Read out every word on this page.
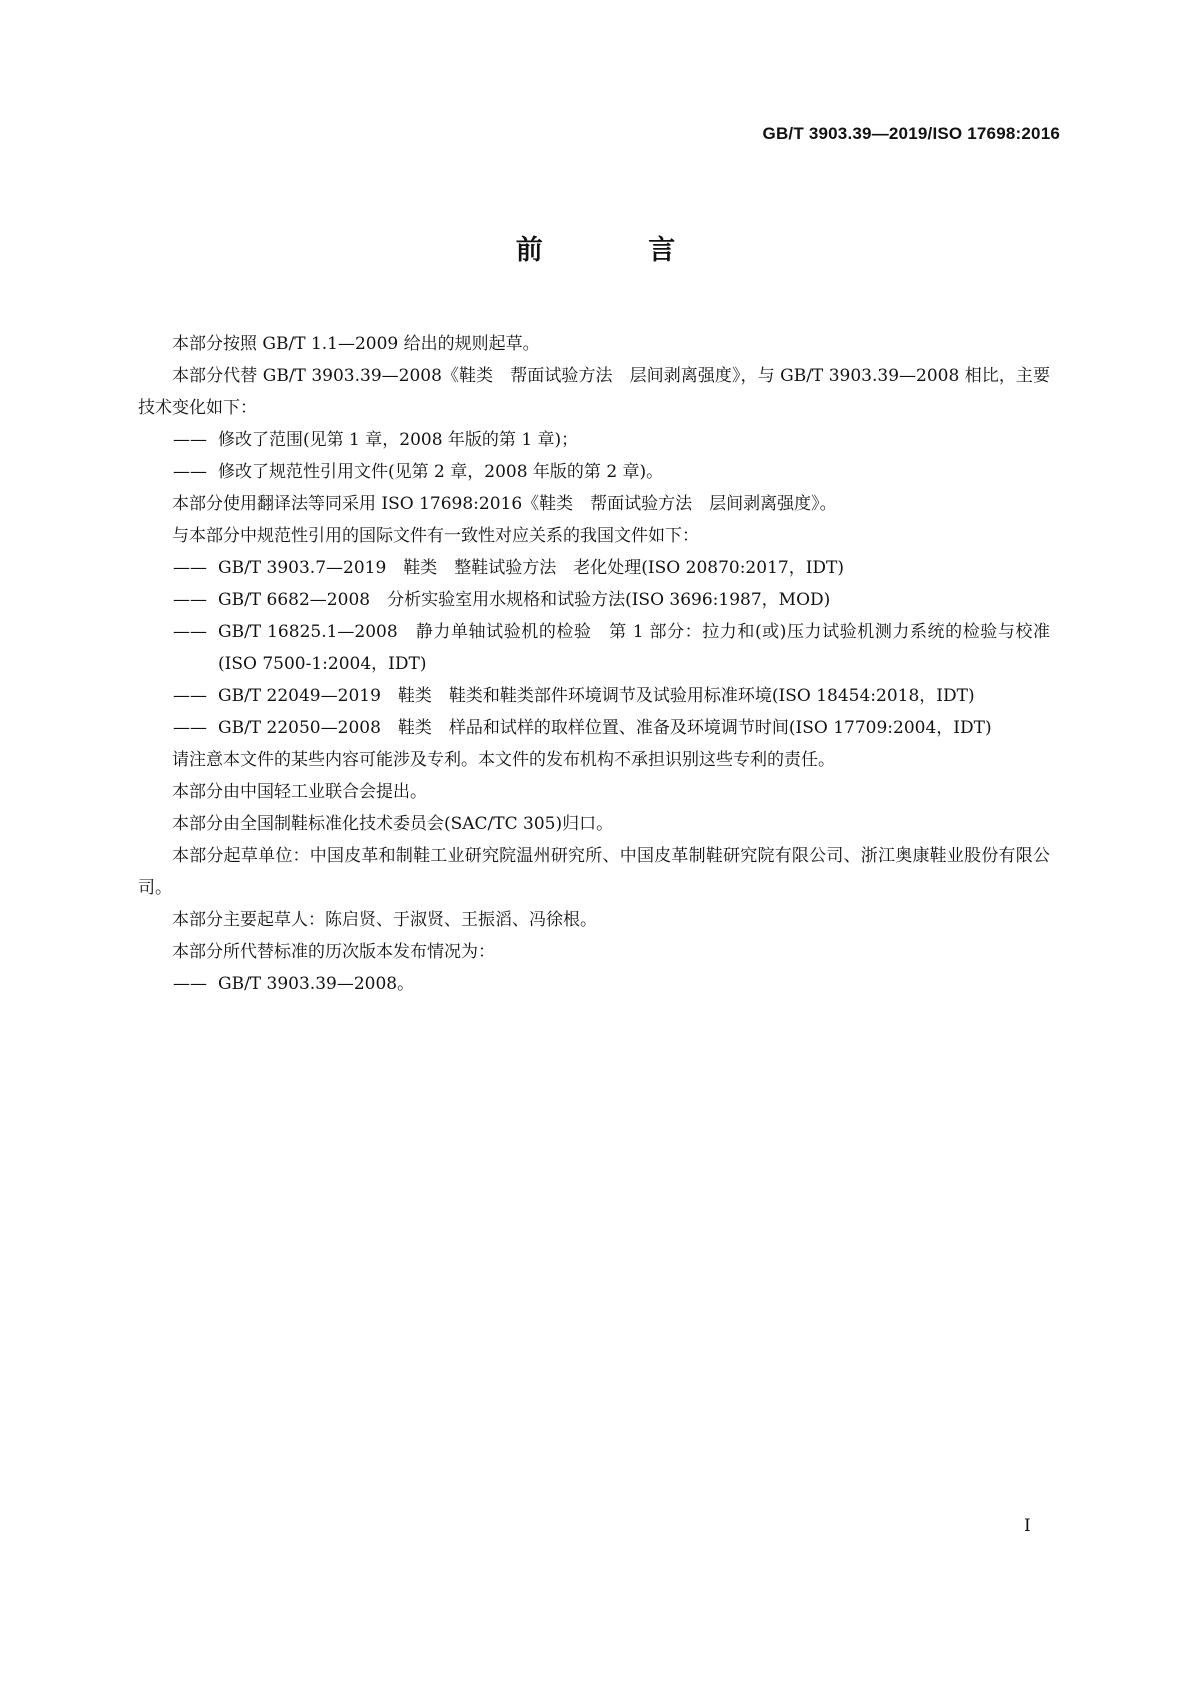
GB/T 3903.39—2019/ISO 17698:2016
前 言

本部分按照 GB/T 1.1—2009 给出的规则起草。

本部分代替 GB/T 3903.39—2008《鞋类　帮面试验方法　层间剥离强度》，与 GB/T 3903.39—2008 相比，主要技术变化如下：

—— 修改了范围(见第 1 章，2008 年版的第 1 章)；

—— 修改了规范性引用文件(见第 2 章，2008 年版的第 2 章)。

本部分使用翻译法等同采用 ISO 17698:2016《鞋类　帮面试验方法　层间剥离强度》。

与本部分中规范性引用的国际文件有一致性对应关系的我国文件如下：

—— GB/T 3903.7—2019　鞋类　整鞋试验方法　老化处理(ISO 20870:2017，IDT)

—— GB/T 6682—2008　分析实验室用水规格和试验方法(ISO 3696:1987，MOD)

—— GB/T 16825.1—2008　静力单轴试验机的检验　第 1 部分：拉力和(或)压力试验机测力系统的检验与校准(ISO 7500-1:2004，IDT)

—— GB/T 22049—2019　鞋类　鞋类和鞋类部件环境调节及试验用标准环境(ISO 18454:2018，IDT)

—— GB/T 22050—2008　鞋类　样品和试样的取样位置、准备及环境调节时间(ISO 17709:2004，IDT)

请注意本文件的某些内容可能涉及专利。本文件的发布机构不承担识别这些专利的责任。

本部分由中国轻工业联合会提出。

本部分由全国制鞋标准化技术委员会(SAC/TC 305)归口。

本部分起草单位：中国皮革和制鞋工业研究院温州研究所、中国皮革制鞋研究院有限公司、浙江奥康鞋业股份有限公司。

本部分主要起草人：陈启贤、于淑贤、王振滔、冯徐根。

本部分所代替标准的历次版本发布情况为：

—— GB/T 3903.39—2008。

I
